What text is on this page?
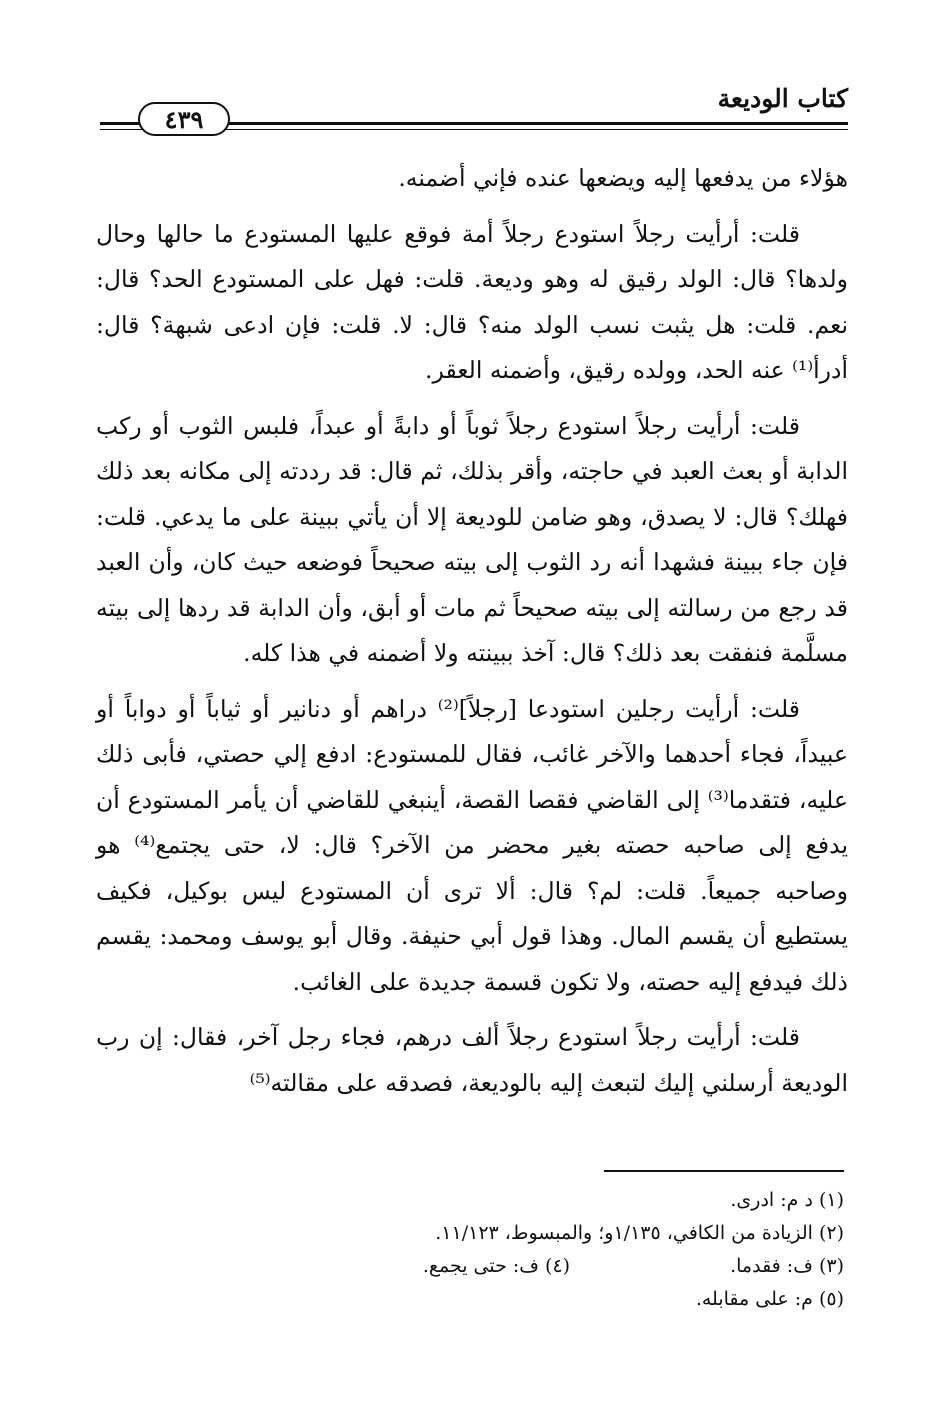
كتاب الوديعة
٤٣٩

هؤلاء من يدفعها إليه ويضعها عنده فإني أضمنه.

قلت: أرأيت رجلاً استودع رجلاً أمة فوقع عليها المستودع ما حالها وحال ولدها؟ قال: الولد رقيق له وهو وديعة. قلت: فهل على المستودع الحد؟ قال: نعم. قلت: هل يثبت نسب الولد منه؟ قال: لا. قلت: فإن ادعى شبهة؟ قال: أدرأ⁽¹⁾ عنه الحد، وولده رقيق، وأضمنه العقر.

قلت: أرأيت رجلاً استودع رجلاً ثوباً أو دابةً أو عبداً، فلبس الثوب أو ركب الدابة أو بعث العبد في حاجته، وأقر بذلك، ثم قال: قد رددته إلى مكانه بعد ذلك فهلك؟ قال: لا يصدق، وهو ضامن للوديعة إلا أن يأتي ببينة على ما يدعي. قلت: فإن جاء ببينة فشهدا أنه رد الثوب إلى بيته صحيحاً فوضعه حيث كان، وأن العبد قد رجع من رسالته إلى بيته صحيحاً ثم مات أو أبق، وأن الدابة قد ردها إلى بيته مسلَّمة فنفقت بعد ذلك؟ قال: آخذ ببينته ولا أضمنه في هذا كله.

قلت: أرأيت رجلين استودعا [رجلاً]⁽²⁾ دراهم أو دنانير أو ثياباً أو دواباً أو عبيداً، فجاء أحدهما والآخر غائب، فقال للمستودع: ادفع إلي حصتي، فأبى ذلك عليه، فتقدما⁽³⁾ إلى القاضي فقصا القصة، أينبغي للقاضي أن يأمر المستودع أن يدفع إلى صاحبه حصته بغير محضر من الآخر؟ قال: لا، حتى يجتمع⁽⁴⁾ هو وصاحبه جميعاً. قلت: لم؟ قال: ألا ترى أن المستودع ليس بوكيل، فكيف يستطيع أن يقسم المال. وهذا قول أبي حنيفة. وقال أبو يوسف ومحمد: يقسم ذلك فيدفع إليه حصته، ولا تكون قسمة جديدة على الغائب.

قلت: أرأيت رجلاً استودع رجلاً ألف درهم، فجاء رجل آخر، فقال: إن رب الوديعة أرسلني إليك لتبعث إليه بالوديعة، فصدقه على مقالته⁽⁵⁾

(١) د م: ادرى.
(٢) الزيادة من الكافي، ١/١٣٥و؛ والمبسوط، ١١/١٢٣.
(٣) ف: فقدما.
(٤) ف: حتى يجمع.
(٥) م: على مقابله.
